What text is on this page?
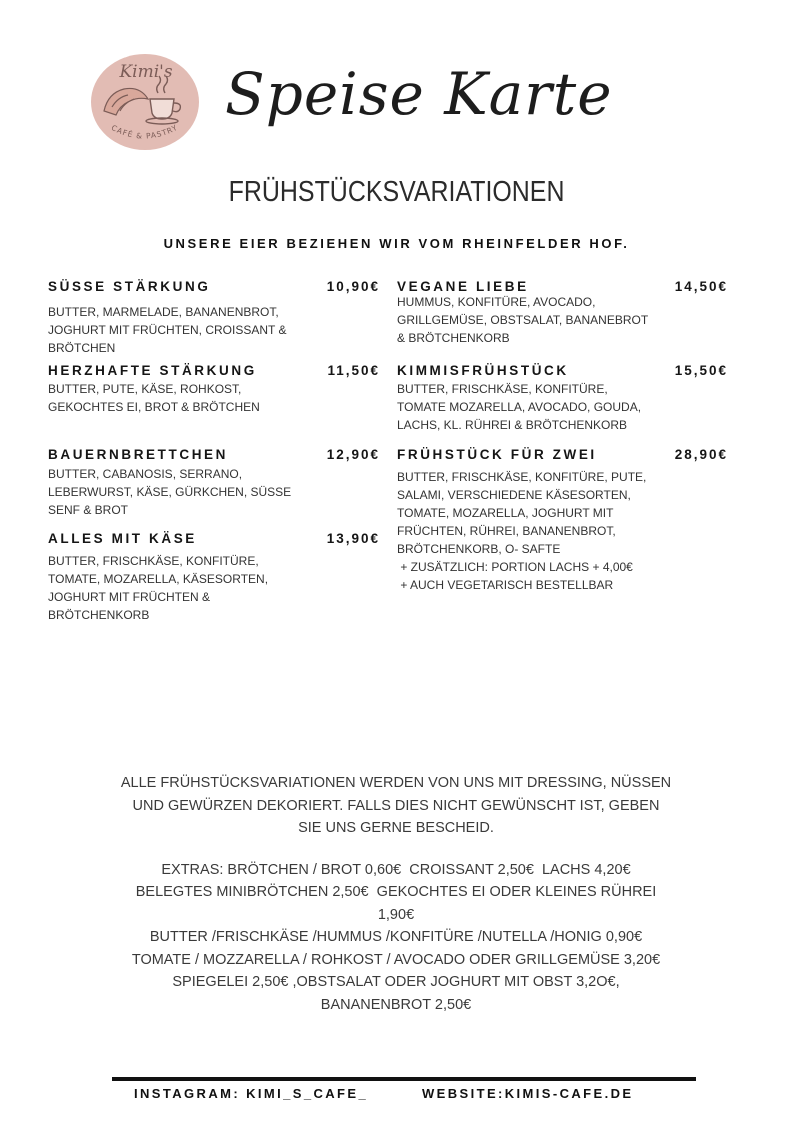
Kimi's
CAFÉ & PASTRY
Speise Karte
FRÜHSTÜCKSVARIATIONEN
UNSERE EIER BEZIEHEN WIR VOM RHEINFELDER HOF.
SÜSSE STÄRKUNG	10,90€
BUTTER, MARMELADE, BANANENBROT,
JOGHURT MIT FRÜCHTEN, CROISSANT &
BRÖTCHEN
HERZHAFTE STÄRKUNG	11,50€
BUTTER, PUTE, KÄSE, ROHKOST,
GEKOCHTES EI, BROT & BRÖTCHEN
BAUERNBRETTCHEN	12,90€
BUTTER, CABANOSIS, SERRANO,
LEBERWURST, KÄSE, GÜRKCHEN, SÜSSE
SENF & BROT
ALLES MIT KÄSE	13,90€
BUTTER, FRISCHKÄSE, KONFITÜRE,
TOMATE, MOZARELLA, KÄSESORTEN,
JOGHURT MIT FRÜCHTEN &
BRÖTCHENKORB
VEGANE LIEBE	14,50€
HUMMUS, KONFITÜRE, AVOCADO,
GRILLGEMÜSE, OBSTSALAT, BANANEBROT
& BRÖTCHENKORB
KIMMISFRÜHSTÜCK	15,50€
BUTTER, FRISCHKÄSE, KONFITÜRE,
TOMATE MOZARELLA, AVOCADO, GOUDA,
LACHS, KL. RÜHREI & BRÖTCHENKORB
FRÜHSTÜCK FÜR ZWEI	28,90€
BUTTER, FRISCHKÄSE, KONFITÜRE, PUTE,
SALAMI, VERSCHIEDENE KÄSESORTEN,
TOMATE, MOZARELLA, JOGHURT MIT
FRÜCHTEN, RÜHREI, BANANENBROT,
BRÖTCHENKORB, O- SAFTE
+ ZUSÄTZLICH: PORTION LACHS + 4,00€
+ AUCH VEGETARISCH BESTELLBAR
ALLE FRÜHSTÜCKSVARIATIONEN WERDEN VON UNS MIT DRESSING, NÜSSEN
UND GEWÜRZEN DEKORIERT. FALLS DIES NICHT GEWÜNSCHT IST, GEBEN
SIE UNS GERNE BESCHEID.
EXTRAS: BRÖTCHEN / BROT 0,60€  CROISSANT 2,50€  LACHS 4,20€
BELEGTES MINIBRÖTCHEN 2,50€  GEKOCHTES EI ODER KLEINES RÜHREI
1,90€
BUTTER /FRISCHKÄSE /HUMMUS /KONFITÜRE /NUTELLA /HONIG 0,90€
TOMATE / MOZZARELLA / ROHKOST / AVOCADO ODER GRILLGEMÜSE 3,20€
SPIEGELEI 2,50€ ,OBSTSALAT ODER JOGHURT MIT OBST 3,2O€,
BANANENBROT 2,50€
INSTAGRAM: KIMI_S_CAFE_	WEBSITE:KIMIS-CAFE.DE
